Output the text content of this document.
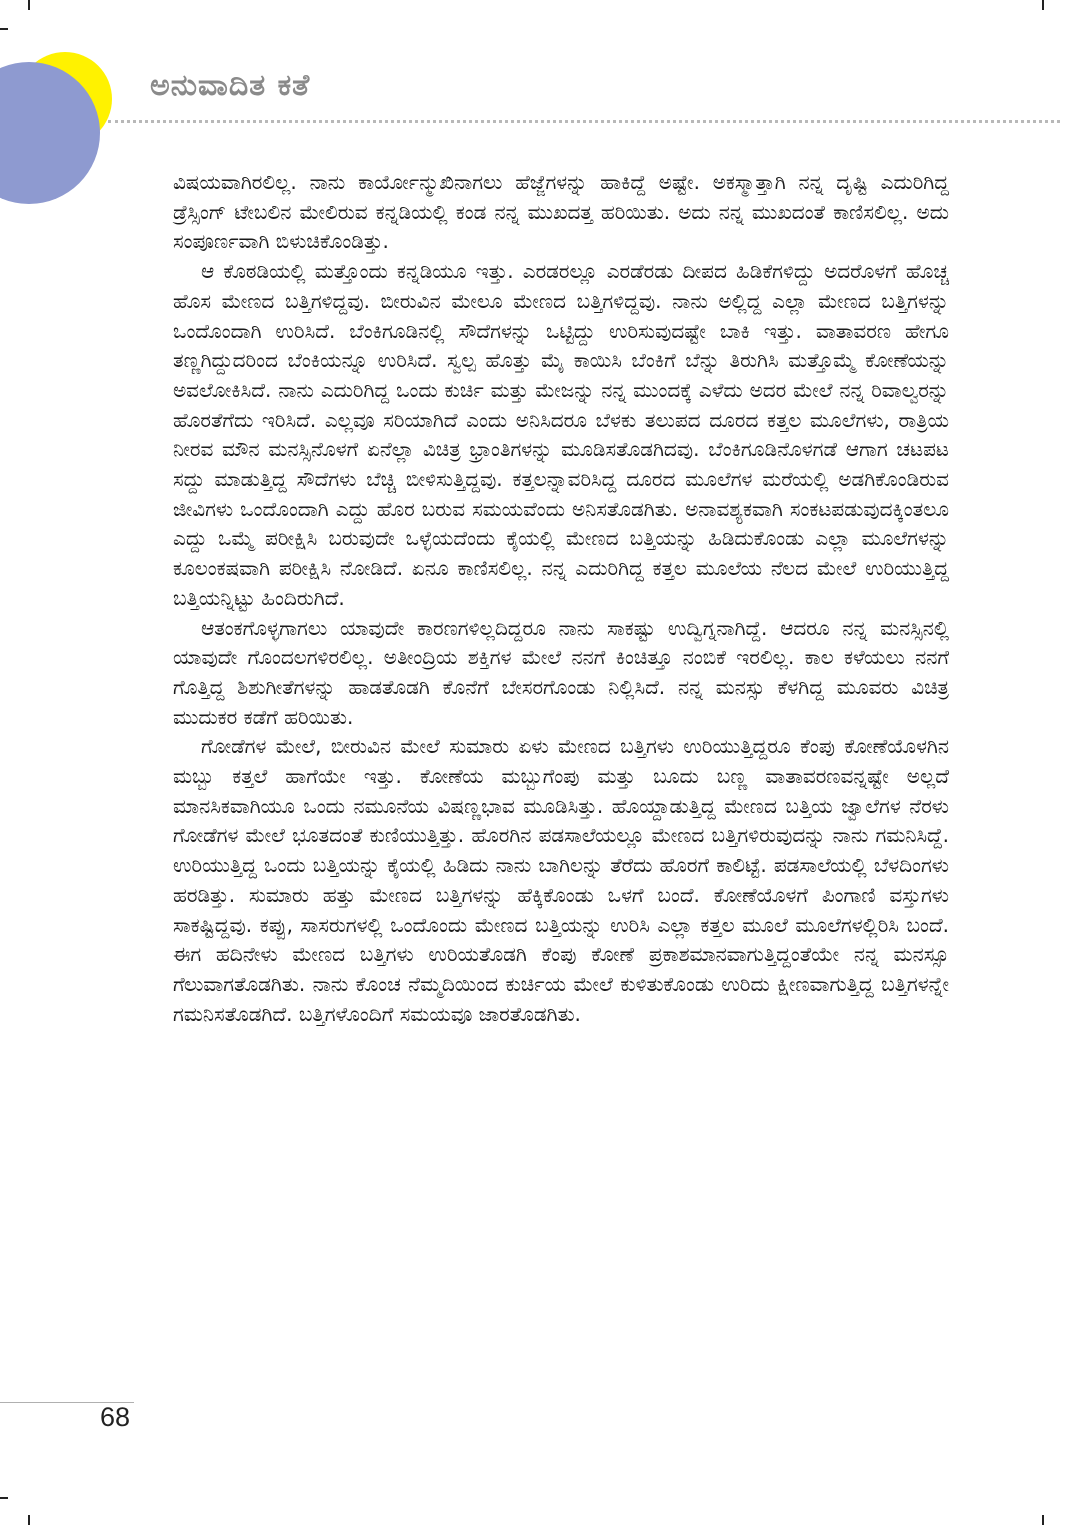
ಅನುವಾದಿತ ಕತೆ

ವಿಷಯವಾಗಿರಲಿಲ್ಲ. ನಾನು ಕಾರ್ಯೋನ್ಮುಖಿನಾಗಲು ಹೆಜ್ಜೆಗಳನ್ನು ಹಾಕಿದ್ದೆ ಅಷ್ಟೇ. ಅಕಸ್ಮಾತ್ತಾಗಿ ನನ್ನ ದೃಷ್ಟಿ ಎದುರಿಗಿದ್ದ ಡ್ರೆಸ್ಸಿಂಗ್ ಟೇಬಲಿನ ಮೇಲಿರುವ ಕನ್ನಡಿಯಲ್ಲಿ ಕಂಡ ನನ್ನ ಮುಖದತ್ತ ಹರಿಯಿತು. ಅದು ನನ್ನ ಮುಖದಂತೆ ಕಾಣಿಸಲಿಲ್ಲ. ಅದು ಸಂಪೂರ್ಣವಾಗಿ ಬಿಳುಚಿಕೊಂಡಿತ್ತು.

ಆ ಕೊಠಡಿಯಲ್ಲಿ ಮತ್ತೊಂದು ಕನ್ನಡಿಯೂ ಇತ್ತು. ಎರಡರಲ್ಲೂ ಎರಡೆರಡು ದೀಪದ ಹಿಡಿಕೆಗಳಿದ್ದು ಅದರೊಳಗೆ ಹೊಚ್ಚ ಹೊಸ ಮೇಣದ ಬತ್ತಿಗಳಿದ್ದವು. ಬೀರುವಿನ ಮೇಲೂ ಮೇಣದ ಬತ್ತಿಗಳಿದ್ದವು. ನಾನು ಅಲ್ಲಿದ್ದ ಎಲ್ಲಾ ಮೇಣದ ಬತ್ತಿಗಳನ್ನು ಒಂದೊಂದಾಗಿ ಉರಿಸಿದೆ. ಬೆಂಕಿಗೂಡಿನಲ್ಲಿ ಸೌದೆಗಳನ್ನು ಒಟ್ಟಿದ್ದು ಉರಿಸುವುದಷ್ಟೇ ಬಾಕಿ ಇತ್ತು. ವಾತಾವರಣ ಹೇಗೂ ತಣ್ಣಗಿದ್ದುದರಿಂದ ಬೆಂಕಿಯನ್ನೂ ಉರಿಸಿದೆ. ಸ್ವಲ್ಪ ಹೊತ್ತು ಮೈ ಕಾಯಿಸಿ ಬೆಂಕಿಗೆ ಬೆನ್ನು ತಿರುಗಿಸಿ ಮತ್ತೊಮ್ಮೆ ಕೋಣೆಯನ್ನು ಅವಲೋಕಿಸಿದೆ. ನಾನು ಎದುರಿಗಿದ್ದ ಒಂದು ಕುರ್ಚಿ ಮತ್ತು ಮೇಜನ್ನು ನನ್ನ ಮುಂದಕ್ಕೆ ಎಳೆದು ಅದರ ಮೇಲೆ ನನ್ನ ರಿವಾಲ್ವರನ್ನು ಹೊರತೆಗೆದು ಇರಿಸಿದೆ. ಎಲ್ಲವೂ ಸರಿಯಾಗಿದೆ ಎಂದು ಅನಿಸಿದರೂ ಬೆಳಕು ತಲುಪದ ದೂರದ ಕತ್ತಲ ಮೂಲೆಗಳು, ರಾತ್ರಿಯ ನೀರವ ಮೌನ ಮನಸ್ಸಿನೊಳಗೆ ಏನೆಲ್ಲಾ ವಿಚಿತ್ರ ಭ್ರಾಂತಿಗಳನ್ನು ಮೂಡಿಸತೊಡಗಿದವು. ಬೆಂಕಿಗೂಡಿನೊಳಗಡೆ ಆಗಾಗ ಚಟಪಟ ಸದ್ದು ಮಾಡುತ್ತಿದ್ದ ಸೌದೆಗಳು ಬೆಚ್ಚಿ ಬೀಳಿಸುತ್ತಿದ್ದವು. ಕತ್ತಲನ್ನಾವರಿಸಿದ್ದ ದೂರದ ಮೂಲೆಗಳ ಮರೆಯಲ್ಲಿ ಅಡಗಿಕೊಂಡಿರುವ ಜೀವಿಗಳು ಒಂದೊಂದಾಗಿ ಎದ್ದು ಹೊರ ಬರುವ ಸಮಯವೆಂದು ಅನಿಸತೊಡಗಿತು. ಅನಾವಶ್ಯಕವಾಗಿ ಸಂಕಟಪಡುವುದಕ್ಕಿಂತಲೂ ಎದ್ದು ಒಮ್ಮೆ ಪರೀಕ್ಷಿಸಿ ಬರುವುದೇ ಒಳ್ಳೆಯದೆಂದು ಕೈಯಲ್ಲಿ ಮೇಣದ ಬತ್ತಿಯನ್ನು ಹಿಡಿದುಕೊಂಡು ಎಲ್ಲಾ ಮೂಲೆಗಳನ್ನು ಕೂಲಂಕಷವಾಗಿ ಪರೀಕ್ಷಿಸಿ ನೋಡಿದೆ. ಏನೂ ಕಾಣಿಸಲಿಲ್ಲ. ನನ್ನ ಎದುರಿಗಿದ್ದ ಕತ್ತಲ ಮೂಲೆಯ ನೆಲದ ಮೇಲೆ ಉರಿಯುತ್ತಿದ್ದ ಬತ್ತಿಯನ್ನಿಟ್ಟು ಹಿಂದಿರುಗಿದೆ.

ಆತಂಕಗೊಳ್ಳಗಾಗಲು ಯಾವುದೇ ಕಾರಣಗಳಿಲ್ಲದಿದ್ದರೂ ನಾನು ಸಾಕಷ್ಟು ಉದ್ವಿಗ್ನನಾಗಿದ್ದೆ. ಆದರೂ ನನ್ನ ಮನಸ್ಸಿನಲ್ಲಿ ಯಾವುದೇ ಗೊಂದಲಗಳಿರಲಿಲ್ಲ. ಅತೀಂದ್ರಿಯ ಶಕ್ತಿಗಳ ಮೇಲೆ ನನಗೆ ಕಿಂಚಿತ್ತೂ ನಂಬಿಕೆ ಇರಲಿಲ್ಲ. ಕಾಲ ಕಳೆಯಲು ನನಗೆ ಗೊತ್ತಿದ್ದ ಶಿಶುಗೀತೆಗಳನ್ನು ಹಾಡತೊಡಗಿ ಕೊನೆಗೆ ಬೇಸರಗೊಂಡು ನಿಲ್ಲಿಸಿದೆ. ನನ್ನ ಮನಸ್ಸು ಕೆಳಗಿದ್ದ ಮೂವರು ವಿಚಿತ್ರ ಮುದುಕರ ಕಡೆಗೆ ಹರಿಯಿತು.

ಗೋಡೆಗಳ ಮೇಲೆ, ಬೀರುವಿನ ಮೇಲೆ ಸುಮಾರು ಏಳು ಮೇಣದ ಬತ್ತಿಗಳು ಉರಿಯುತ್ತಿದ್ದರೂ ಕೆಂಪು ಕೋಣೆಯೊಳಗಿನ ಮಬ್ಬು ಕತ್ತಲೆ ಹಾಗೆಯೇ ಇತ್ತು. ಕೋಣೆಯ ಮಬ್ಬುಗೆಂಪು ಮತ್ತು ಬೂದು ಬಣ್ಣ ವಾತಾವರಣವನ್ನಷ್ಟೇ ಅಲ್ಲದೆ ಮಾನಸಿಕವಾಗಿಯೂ ಒಂದು ನಮೂನೆಯ ವಿಷಣ್ಣಭಾವ ಮೂಡಿಸಿತ್ತು. ಹೊಯ್ದಾಡುತ್ತಿದ್ದ ಮೇಣದ ಬತ್ತಿಯ ಜ್ವಾಲೆಗಳ ನೆರಳು ಗೋಡೆಗಳ ಮೇಲೆ ಭೂತದಂತೆ ಕುಣಿಯುತ್ತಿತ್ತು. ಹೊರಗಿನ ಪಡಸಾಲೆಯಲ್ಲೂ ಮೇಣದ ಬತ್ತಿಗಳಿರುವುದನ್ನು ನಾನು ಗಮನಿಸಿದ್ದೆ. ಉರಿಯುತ್ತಿದ್ದ ಒಂದು ಬತ್ತಿಯನ್ನು ಕೈಯಲ್ಲಿ ಹಿಡಿದು ನಾನು ಬಾಗಿಲನ್ನು ತೆರೆದು ಹೊರಗೆ ಕಾಲಿಟ್ಟೆ. ಪಡಸಾಲೆಯಲ್ಲಿ ಬೆಳದಿಂಗಳು ಹರಡಿತ್ತು. ಸುಮಾರು ಹತ್ತು ಮೇಣದ ಬತ್ತಿಗಳನ್ನು ಹೆಕ್ಕಿಕೊಂಡು ಒಳಗೆ ಬಂದೆ. ಕೋಣೆಯೊಳಗೆ ಪಿಂಗಾಣಿ ವಸ್ತುಗಳು ಸಾಕಷ್ಟಿದ್ದವು. ಕಪ್ಪು, ಸಾಸರುಗಳಲ್ಲಿ ಒಂದೊಂದು ಮೇಣದ ಬತ್ತಿಯನ್ನು ಉರಿಸಿ ಎಲ್ಲಾ ಕತ್ತಲ ಮೂಲೆ ಮೂಲೆಗಳಲ್ಲಿರಿಸಿ ಬಂದೆ. ಈಗ ಹದಿನೇಳು ಮೇಣದ ಬತ್ತಿಗಳು ಉರಿಯತೊಡಗಿ ಕೆಂಪು ಕೋಣೆ ಪ್ರಕಾಶಮಾನವಾಗುತ್ತಿದ್ದಂತೆಯೇ ನನ್ನ ಮನಸ್ಸೂ ಗೆಲುವಾಗತೊಡಗಿತು. ನಾನು ಕೊಂಚ ನೆಮ್ಮದಿಯಿಂದ ಕುರ್ಚಿಯ ಮೇಲೆ ಕುಳಿತುಕೊಂಡು ಉರಿದು ಕ್ಷೀಣವಾಗುತ್ತಿದ್ದ ಬತ್ತಿಗಳನ್ನೇ ಗಮನಿಸತೊಡಗಿದೆ. ಬತ್ತಿಗಳೊಂದಿಗೆ ಸಮಯವೂ ಜಾರತೊಡಗಿತು.

68
